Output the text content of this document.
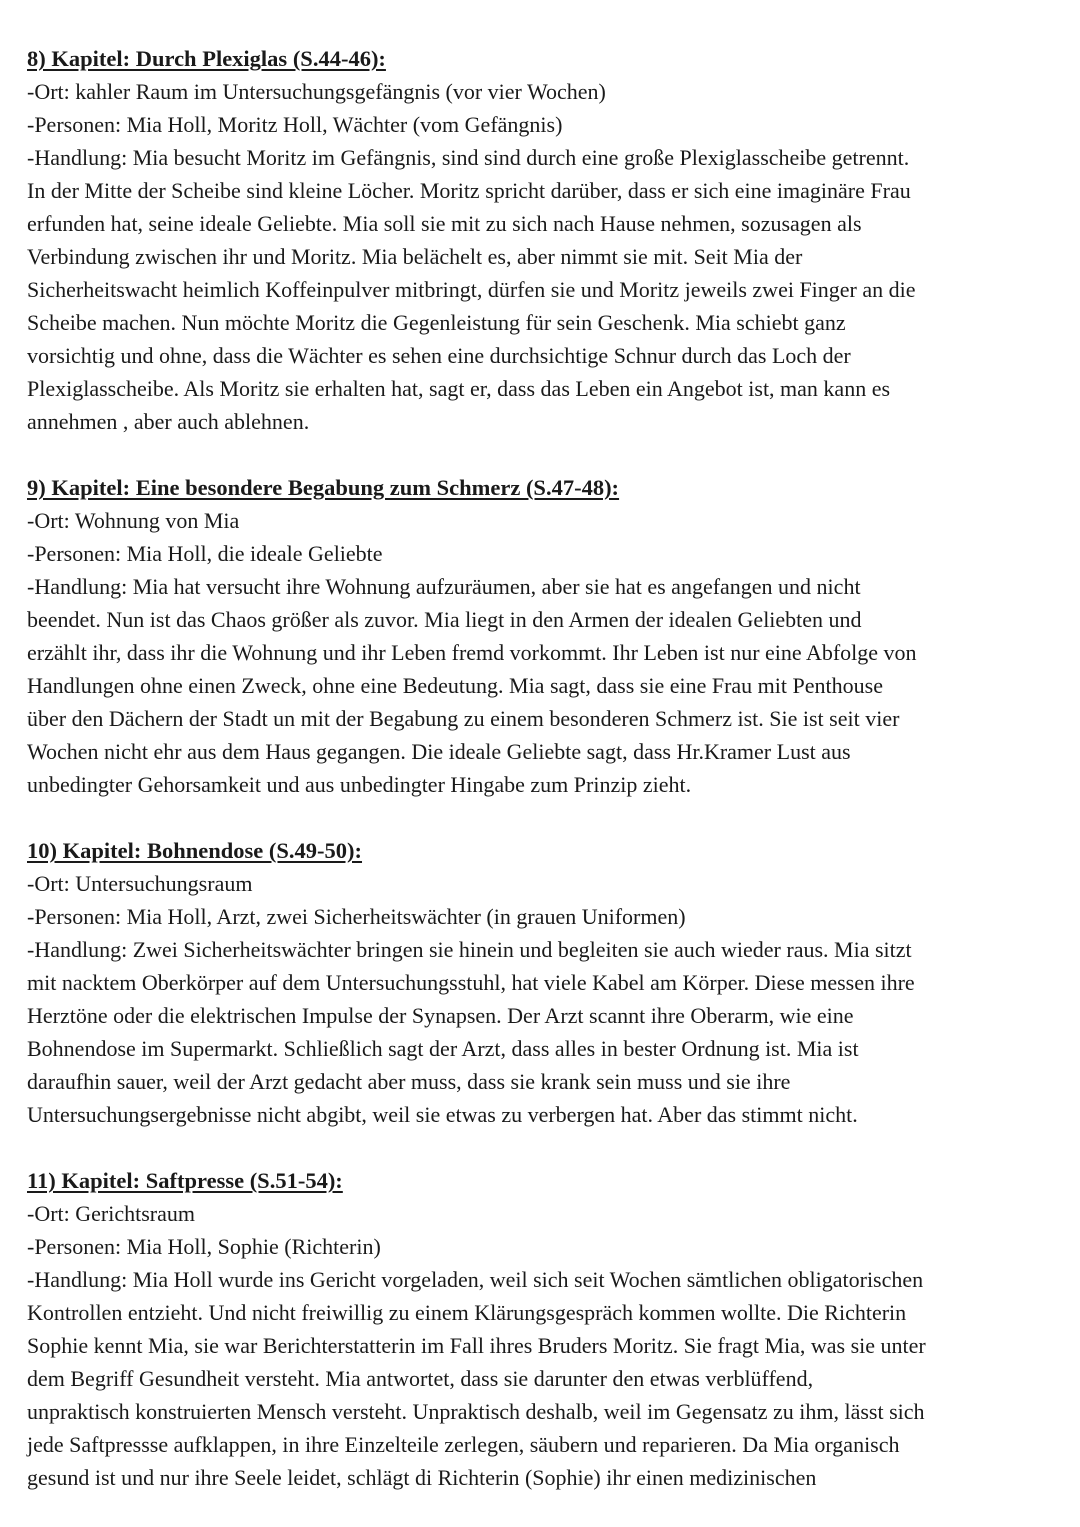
8) Kapitel: Durch Plexiglas (S.44-46):

-Ort: kahler Raum im Untersuchungsgefängnis (vor vier Wochen)

-Personen: Mia Holl, Moritz Holl, Wächter (vom Gefängnis)

-Handlung: Mia besucht Moritz im Gefängnis, sind sind durch eine große Plexiglasscheibe getrennt.

In der Mitte der Scheibe sind kleine Löcher. Moritz spricht darüber, dass er sich eine imaginäre Frau

erfunden hat, seine ideale Geliebte. Mia soll sie mit zu sich nach Hause nehmen, sozusagen als

Verbindung zwischen ihr und Moritz. Mia belächelt es, aber nimmt sie mit. Seit Mia der

Sicherheitswacht heimlich Koffeinpulver mitbringt, dürfen sie und Moritz jeweils zwei Finger an die

Scheibe machen. Nun möchte Moritz die Gegenleistung für sein Geschenk. Mia schiebt ganz

vorsichtig und ohne, dass die Wächter es sehen eine durchsichtige Schnur durch das Loch der

Plexiglasscheibe. Als Moritz sie erhalten hat, sagt er, dass das Leben ein Angebot ist, man kann es

annehmen , aber auch ablehnen.

9) Kapitel: Eine besondere Begabung zum Schmerz (S.47-48):

-Ort: Wohnung von Mia

-Personen: Mia Holl, die ideale Geliebte

-Handlung: Mia hat versucht ihre Wohnung aufzuräumen, aber sie hat es angefangen und nicht

beendet. Nun ist das Chaos größer als zuvor. Mia liegt in den Armen der idealen Geliebten und

erzählt ihr, dass ihr die Wohnung und ihr Leben fremd vorkommt. Ihr Leben ist nur eine Abfolge von

Handlungen ohne einen Zweck, ohne eine Bedeutung. Mia sagt, dass sie eine Frau mit Penthouse

über den Dächern der Stadt un mit der Begabung zu einem besonderen Schmerz ist. Sie ist seit vier

Wochen nicht ehr aus dem Haus gegangen. Die ideale Geliebte sagt, dass Hr.Kramer Lust aus

unbedingter Gehorsamkeit und aus unbedingter Hingabe zum Prinzip zieht.

10) Kapitel: Bohnendose (S.49-50):

-Ort: Untersuchungsraum

-Personen: Mia Holl, Arzt, zwei Sicherheitswächter (in grauen Uniformen)

-Handlung: Zwei Sicherheitswächter bringen sie hinein und begleiten sie auch wieder raus. Mia sitzt

mit nacktem Oberkörper auf dem Untersuchungsstuhl, hat viele Kabel am Körper. Diese messen ihre

Herztöne oder die elektrischen Impulse der Synapsen. Der Arzt scannt ihre Oberarm, wie eine

Bohnendose im Supermarkt. Schließlich sagt der Arzt, dass alles in bester Ordnung ist. Mia ist

daraufhin sauer, weil der Arzt gedacht aber muss, dass sie krank sein muss und sie ihre

Untersuchungsergebnisse nicht abgibt, weil sie etwas zu verbergen hat. Aber das stimmt nicht.

11) Kapitel: Saftpresse (S.51-54):

-Ort: Gerichtsraum

-Personen: Mia Holl, Sophie (Richterin)

-Handlung: Mia Holl wurde ins Gericht vorgeladen, weil sich seit Wochen sämtlichen obligatorischen

Kontrollen entzieht. Und nicht freiwillig zu einem Klärungsgespräch kommen wollte. Die Richterin

Sophie kennt Mia, sie war Berichterstatterin im Fall ihres Bruders Moritz. Sie fragt Mia, was sie unter

dem Begriff Gesundheit versteht. Mia antwortet, dass sie darunter den etwas verblüffend,

unpraktisch konstruierten Mensch versteht. Unpraktisch deshalb, weil im Gegensatz zu ihm, lässt sich

jede Saftpressse aufklappen, in ihre Einzelteile zerlegen, säubern und reparieren. Da Mia organisch

gesund ist und nur ihre Seele leidet, schlägt di Richterin (Sophie) ihr einen medizinischen
